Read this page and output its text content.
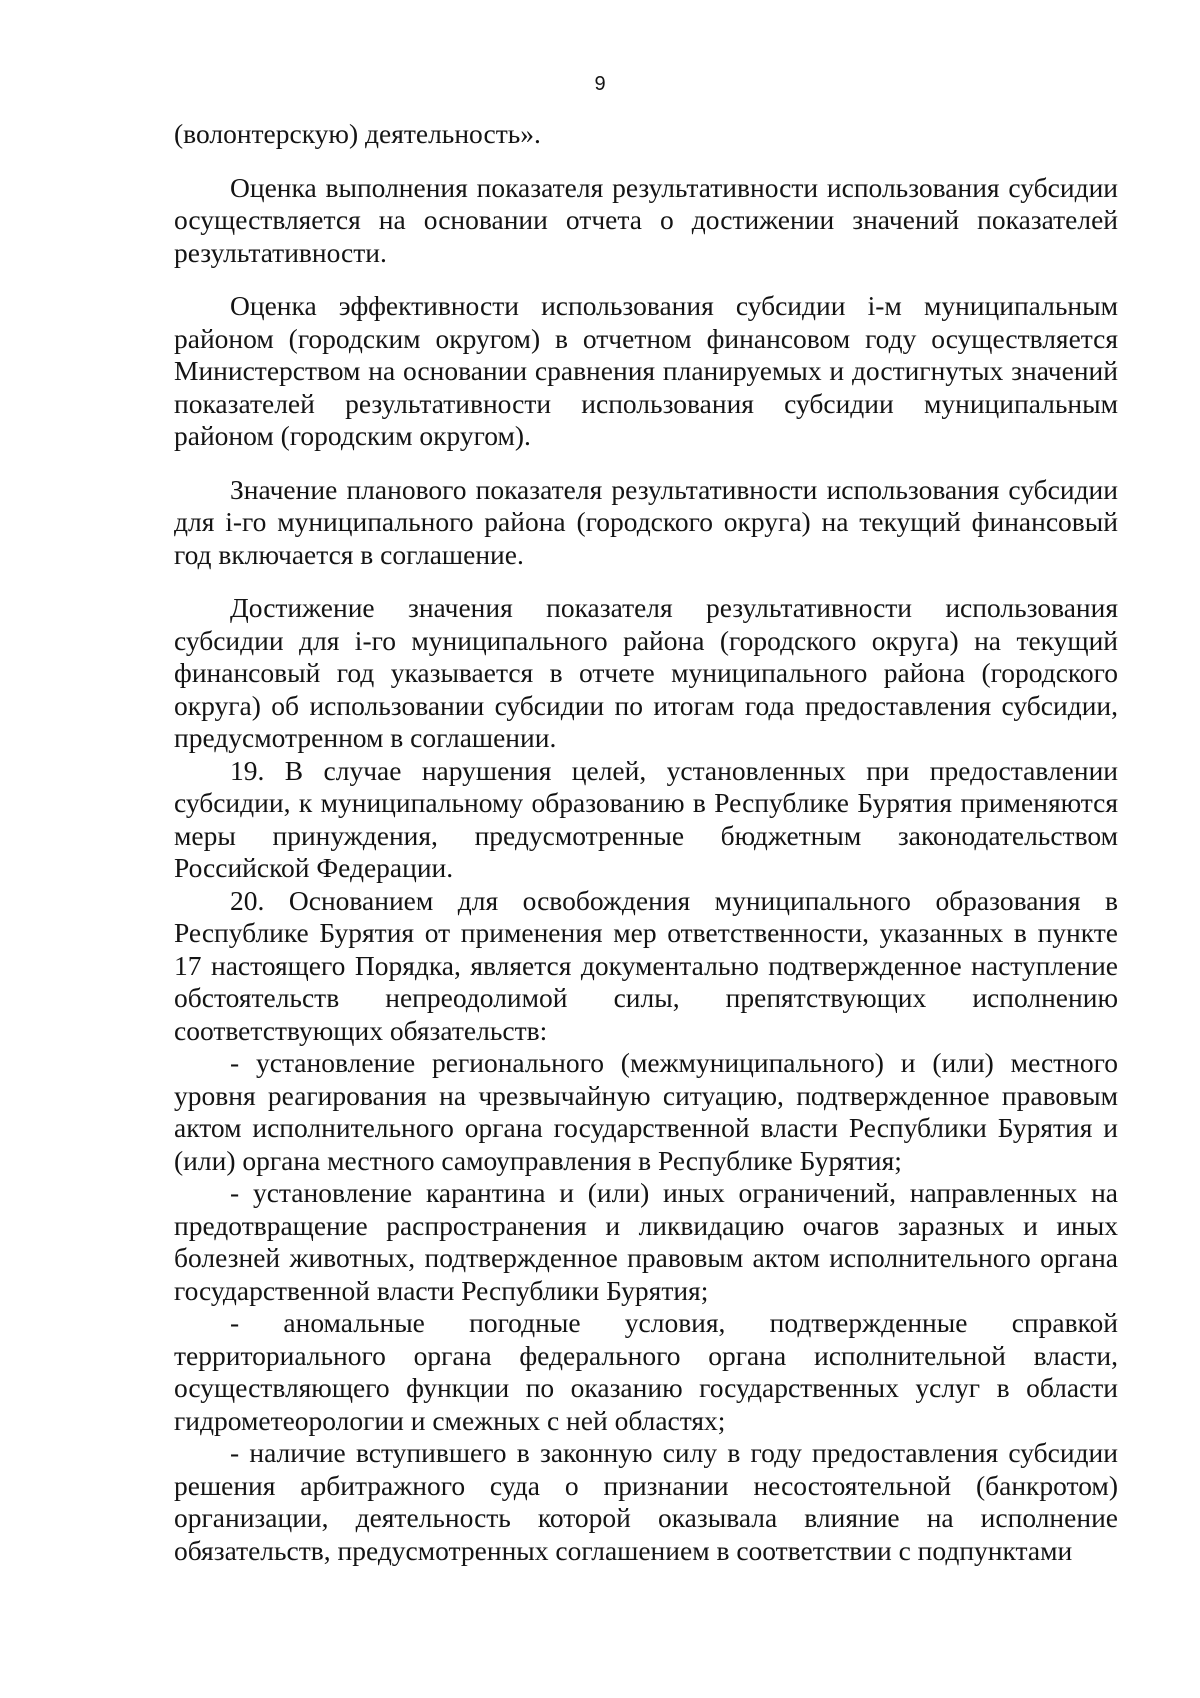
9

(волонтерскую) деятельность».

Оценка выполнения показателя результативности использования субсидии осуществляется на основании отчета о достижении значений показателей результативности.

Оценка эффективности использования субсидии i-м муниципальным районом (городским округом) в отчетном финансовом году осуществляется Министерством на основании сравнения планируемых и достигнутых значений показателей результативности использования субсидии муниципальным районом (городским округом).

Значение планового показателя результативности использования субсидии для i-го муниципального района (городского округа) на текущий финансовый год включается в соглашение.

Достижение значения показателя результативности использования субсидии для i-го муниципального района (городского округа) на текущий финансовый год указывается в отчете муниципального района (городского округа) об использовании субсидии по итогам года предоставления субсидии, предусмотренном в соглашении.

19. В случае нарушения целей, установленных при предоставлении субсидии, к муниципальному образованию в Республике Бурятия применяются меры принуждения, предусмотренные бюджетным законодательством Российской Федерации.

20. Основанием для освобождения муниципального образования в Республике Бурятия от применения мер ответственности, указанных в пункте 17 настоящего Порядка, является документально подтвержденное наступление обстоятельств непреодолимой силы, препятствующих исполнению соответствующих обязательств:

- установление регионального (межмуниципального) и (или) местного уровня реагирования на чрезвычайную ситуацию, подтвержденное правовым актом исполнительного органа государственной власти Республики Бурятия и (или) органа местного самоуправления в Республике Бурятия;

- установление карантина и (или) иных ограничений, направленных на предотвращение распространения и ликвидацию очагов заразных и иных болезней животных, подтвержденное правовым актом исполнительного органа государственной власти Республики Бурятия;

- аномальные погодные условия, подтвержденные справкой территориального органа федерального органа исполнительной власти, осуществляющего функции по оказанию государственных услуг в области гидрометеорологии и смежных с ней областях;

- наличие вступившего в законную силу в году предоставления субсидии решения арбитражного суда о признании несостоятельной (банкротом) организации, деятельность которой оказывала влияние на исполнение обязательств, предусмотренных соглашением в соответствии с подпунктами
